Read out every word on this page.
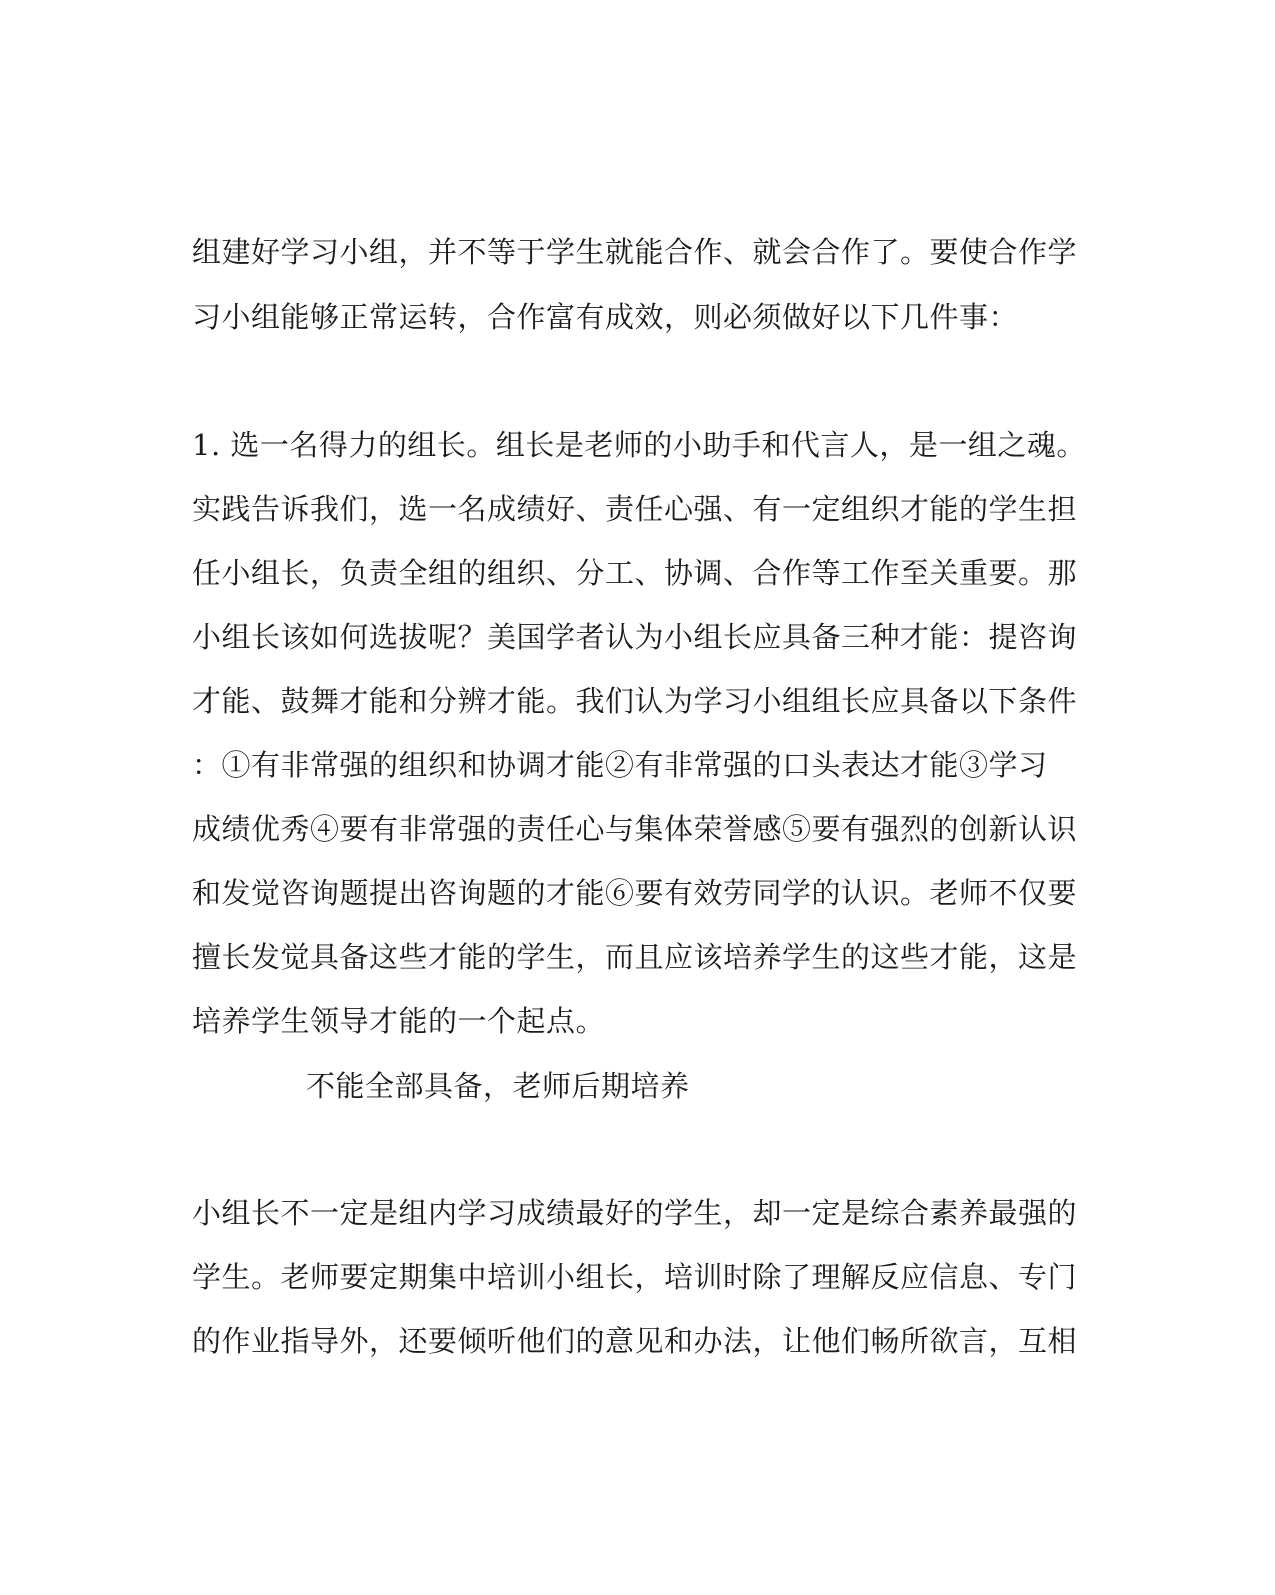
组建好学习小组，并不等于学生就能合作、就会合作了。要使合作学
习小组能够正常运转，合作富有成效，则必须做好以下几件事：
1. 选一名得力的组长。组长是老师的小助手和代言人，是一组之魂。
实践告诉我们，选一名成绩好、责任心强、有一定组织才能的学生担
任小组长，负责全组的组织、分工、协调、合作等工作至关重要。那
小组长该如何选拔呢？美国学者认为小组长应具备三种才能：提咨询
才能、鼓舞才能和分辨才能。我们认为学习小组组长应具备以下条件
：①有非常强的组织和协调才能②有非常强的口头表达才能③学习
成绩优秀④要有非常强的责任心与集体荣誉感⑤要有强烈的创新认识
和发觉咨询题提出咨询题的才能⑥要有效劳同学的认识。老师不仅要
擅长发觉具备这些才能的学生，而且应该培养学生的这些才能，这是
培养学生领导才能的一个起点。
不能全部具备，老师后期培养
小组长不一定是组内学习成绩最好的学生，却一定是综合素养最强的
学生。老师要定期集中培训小组长，培训时除了理解反应信息、专门
的作业指导外，还要倾听他们的意见和办法，让他们畅所欲言，互相
